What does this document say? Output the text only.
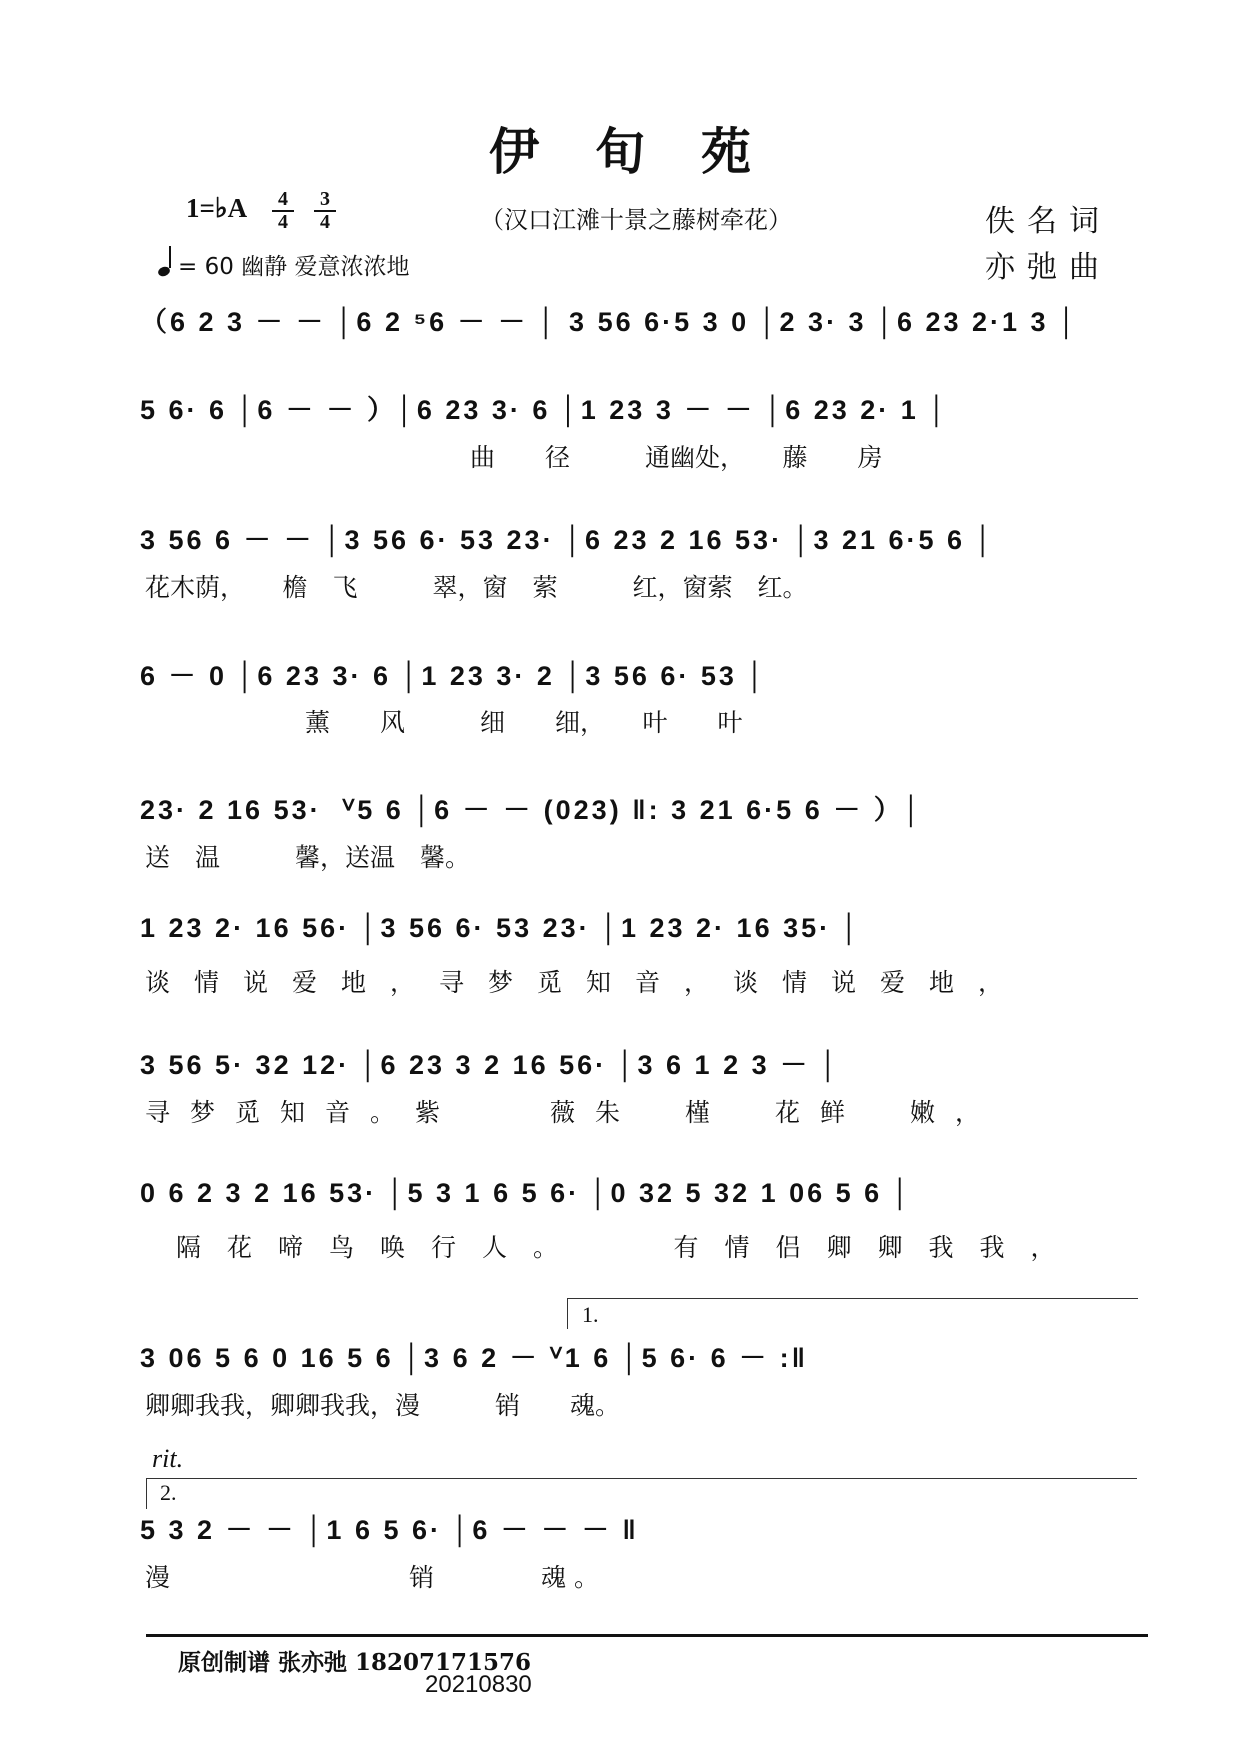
伊旬苑
1=♭A	4
4
3
4	（汉口江滩十景之藤树牵花）	佚名词
亦弛曲
= 60 幽静 爱意浓浓地
（6 2 3 － － │6 2 ⁵6 － － │ 3 56 6·5 3 0 │2 3· 3 │6 23 2·1 3 │
5 6· 6 │6 － － ）│6 23 3· 6 │1 23 3 － － │6 23 2· 1 │
曲　　径　　　通幽处，　　藤　　房
3 56 6 － － │3 56 6· 53 23· │6 23 2 16 53· │3 21 6·5 6 │
花木荫，　　檐　飞　　　翠，窗　萦　　　红，窗萦　红。
6 － 0 │6 23 3· 6 │1 23 3· 2 │3 56 6· 53 │
薰　　风　　　细　　细，　　叶　　叶
23· 2 16 53·  ⱽ5 6 │6 － － (023) ‖: 3 21 6·5 6 － ）│
送　温　　　馨，送温　馨。
1 23 2· 16 56· │3 56 6· 53 23· │1 23 2· 16 35· │
谈情说爱地，寻梦觅知音，谈情说爱地，
3 56 5· 32 12· │6 23 3 2 16 56· │3 6 1 2 3 － │
寻梦觅知音。紫　　薇朱　槿　花鲜　嫩，
0 6 2 3 2 16 53· │5 3 1 6 5 6· │0 32 5 32 1 06 5 6 │
隔花啼鸟唤行人。　　有情侣卿卿我我，
1.
3 06 5 6 0 16 5 6 │3 6 2 － ⱽ1 6 │5 6· 6 － :‖
卿卿我我，卿卿我我，漫　　　销　　魂。
rit.
2.
5 3 2 － － │1 6 5 6· │6 － － － ‖
漫　　　　　　　销　　　魂。
原创制谱 张亦弛 18207171576
20210830
